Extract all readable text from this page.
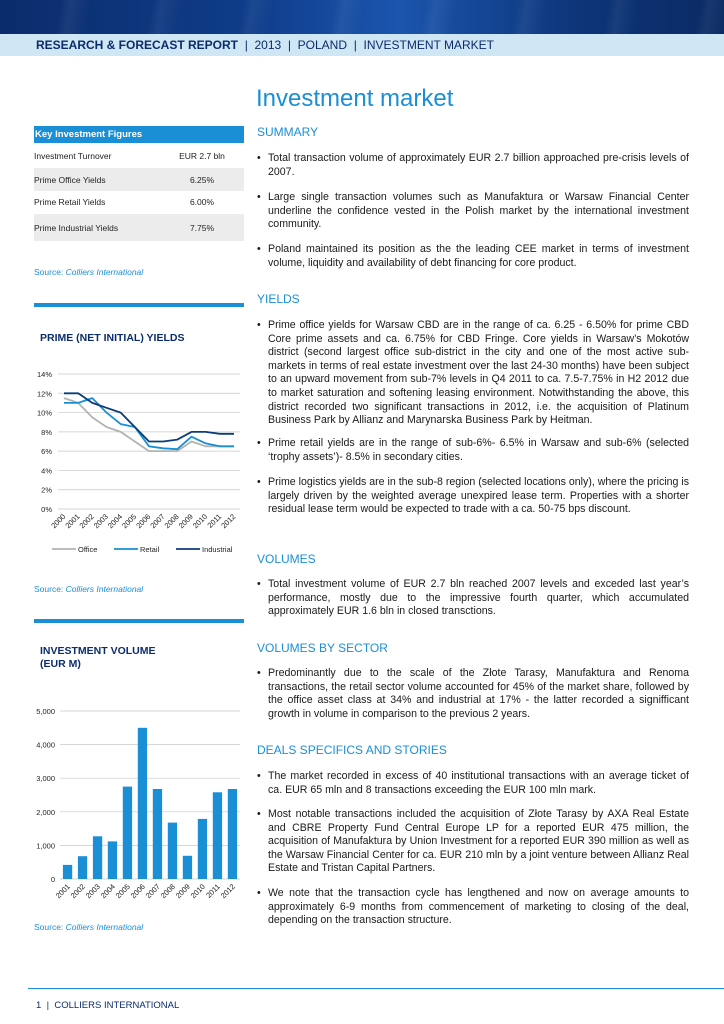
RESEARCH & FORECAST REPORT | 2013 | POLAND | INVESTMENT MARKET
Investment market
Key Investment Figures
Investment Turnover	EUR 2.7 bln
Prime Office Yields	6.25%
Prime Retail Yields	6.00%
Prime Industrial Yields	7.75%
Source: Colliers International
PRIME (NET INITIAL) YIELDS
0%
2%
4%
6%
8%
10%
12%
14%
2000
2001
2002
2003
2004
2005
2006
2007
2008
2009
2010
2011
2012
Office	Retail	Industrial
Source: Colliers International
INVESTMENT VOLUME
(EUR M)
0
1,000
2,000
3,000
4,000
5,000
2001
2002
2003
2004
2005
2006
2007
2008
2009
2010
2011
2012
Source: Colliers International
SUMMARY
• Total transaction volume of approximately EUR 2.7 billion approached pre-crisis levels of 2007.
• Large single transaction volumes such as Manufaktura or Warsaw Financial Center underline the confidence vested in the Polish market by the international investment community.
• Poland maintained its position as the the leading CEE market in terms of investment volume, liquidity and availability of debt financing for core product.
YIELDS
• Prime office yields for Warsaw CBD are in the range of ca. 6.25 - 6.50% for prime CBD Core prime assets and ca. 6.75% for CBD Fringe. Core yields in Warsaw’s Mokotów district (second largest office sub-district in the city and one of the most active sub-markets in terms of real estate investment over the last 24-30 months) have been subject to an upward movement from sub-7% levels in Q4 2011 to ca. 7.5-7.75% in H2 2012 due to market saturation and softening leasing environment. Notwithstanding the above, this district recorded two significant transactions in 2012, i.e. the acquisition of Platinum Business Park by Allianz and Marynarska Business Park by Heitman.
• Prime retail yields are in the range of sub-6%- 6.5% in Warsaw and sub-6% (selected ‘trophy assets’)- 8.5% in secondary cities.
• Prime logistics yields are in the sub-8 region (selected locations only), where the pricing is largely driven by the weighted average unexpired lease term. Properties with a shorter residual lease term would be expected to trade with a ca. 50-75 bps discount.
VOLUMES
• Total investment volume of EUR 2.7 bln reached 2007 levels and exceded last year’s performance, mostly due to the impressive fourth quarter, which accumulated approximately EUR 1.6 bln in closed transctions.
VOLUMES BY SECTOR
• Predominantly due to the scale of the Złote Tarasy, Manufaktura and Renoma transactions, the retail sector volume accounted for 45% of the market share, followed by the office asset class at 34% and industrial at 17% - the latter recorded a signifficant growth in volume in comparison to the previous 2 years.
DEALS SPECIFICS AND STORIES
• The market recorded in excess of 40 institutional transactions with an average ticket of ca. EUR 65 mln and 8 transactions exceeding the EUR 100 mln mark.
• Most notable transactions included the acquisition of Złote Tarasy by AXA Real Estate and CBRE Property Fund Central Europe LP for a reported EUR 475 million, the acquisition of Manufaktura by Union Investment for a reported EUR 390 million as well as the Warsaw Financial Center for ca. EUR 210 mln by a joint venture between Allianz Real Estate and Tristan Capital Partners.
• We note that the transaction cycle has lengthened and now on average amounts to approximately 6-9 months from commencement of marketing to closing of the deal, depending on the transaction structure.
1 | COLLIERS INTERNATIONAL
